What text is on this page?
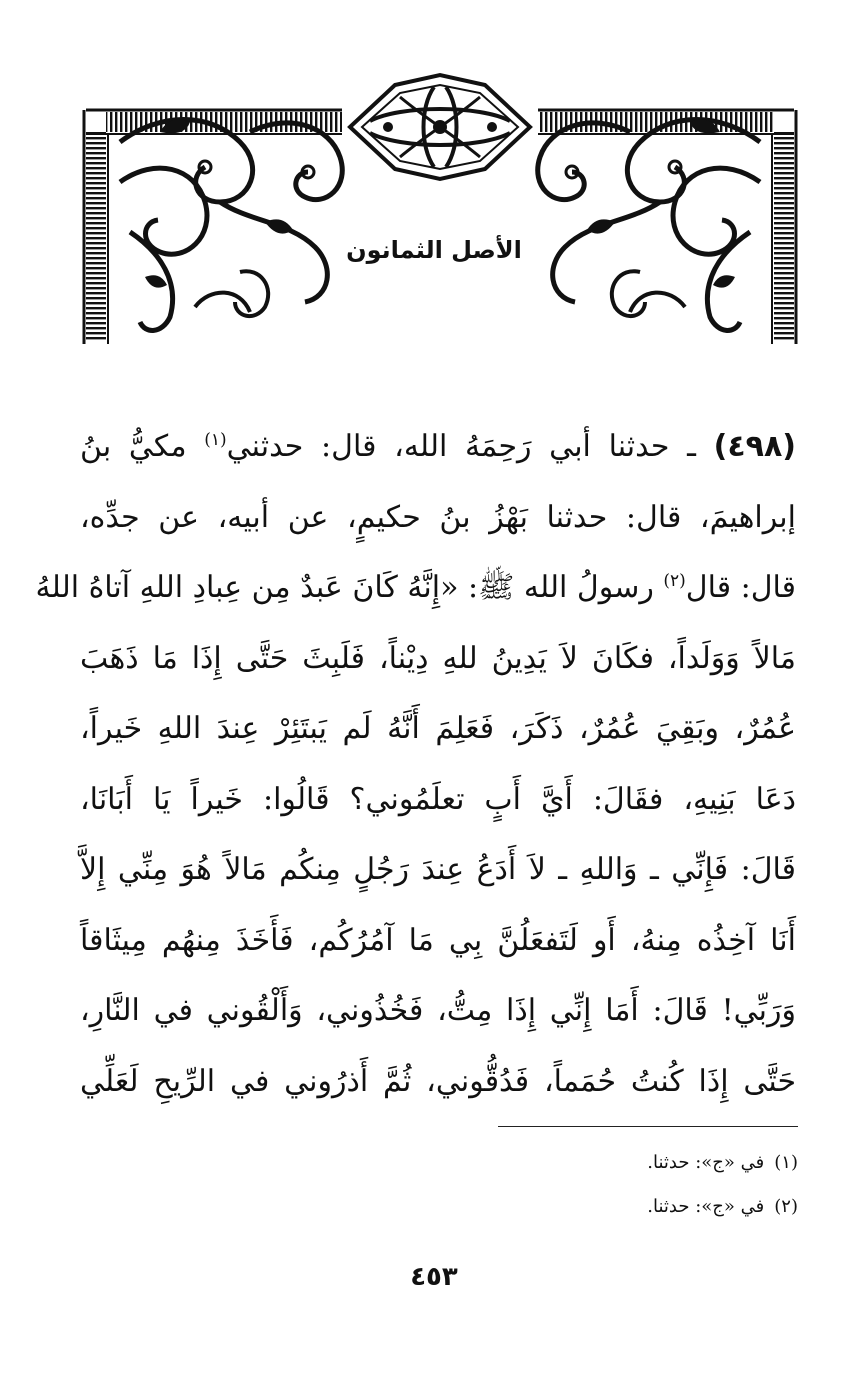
الأصل الثمانون
(٤٩٨) ـ حدثنا أبي رَحِمَهُ الله، قال: حدثني$^{(١)}$ مكيُّ بنُ
إبراهيمَ، قال: حدثنا بَهْزُ بنُ حكيمٍ، عن أبيه، عن جدِّه،
قال: قال$^{(٢)}$ رسولُ الله ﷺ: «إِنَّهُ كَانَ عَبدٌ مِن عِبادِ اللهِ آتاهُ اللهُ
مَالاً وَوَلَداً، فكَانَ لاَ يَدِينُ للهِ دِيْناً، فَلَبِثَ حَتَّى إِذَا مَا ذَهَبَ
عُمُرٌ، وبَقِيَ عُمُرٌ، ذَكَرَ، فَعَلِمَ أَنَّهُ لَم يَبتَئِرْ عِندَ اللهِ خَيراً،
دَعَا بَنِيهِ، فقَالَ: أَيَّ أَبٍ تعلَمُوني؟ قَالُوا: خَيراً يَا أَبَانَا،
قَالَ: فَإِنِّي ـ وَاللهِ ـ لاَ أَدَعُ عِندَ رَجُلٍ مِنكُم مَالاً هُوَ مِنِّي إِلاَّ
أَنَا آخِذُه مِنهُ، أَو لَتَفعَلُنَّ بِي مَا آمُرُكُم، فَأَخَذَ مِنهُم مِيثَاقاً
وَرَبِّي! قَالَ: أَمَا إِنِّي إِذَا مِتُّ، فَخُذُوني، وَأَلْقُوني في النَّارِ،
حَتَّى إِذَا كُنتُ حُمَماً، فَدُقُّوني، ثُمَّ أَذرُوني في الرِّيحِ لَعَلِّي
(١)في «ج»: حدثنا.
(٢)في «ج»: حدثنا.
٤٥٣
